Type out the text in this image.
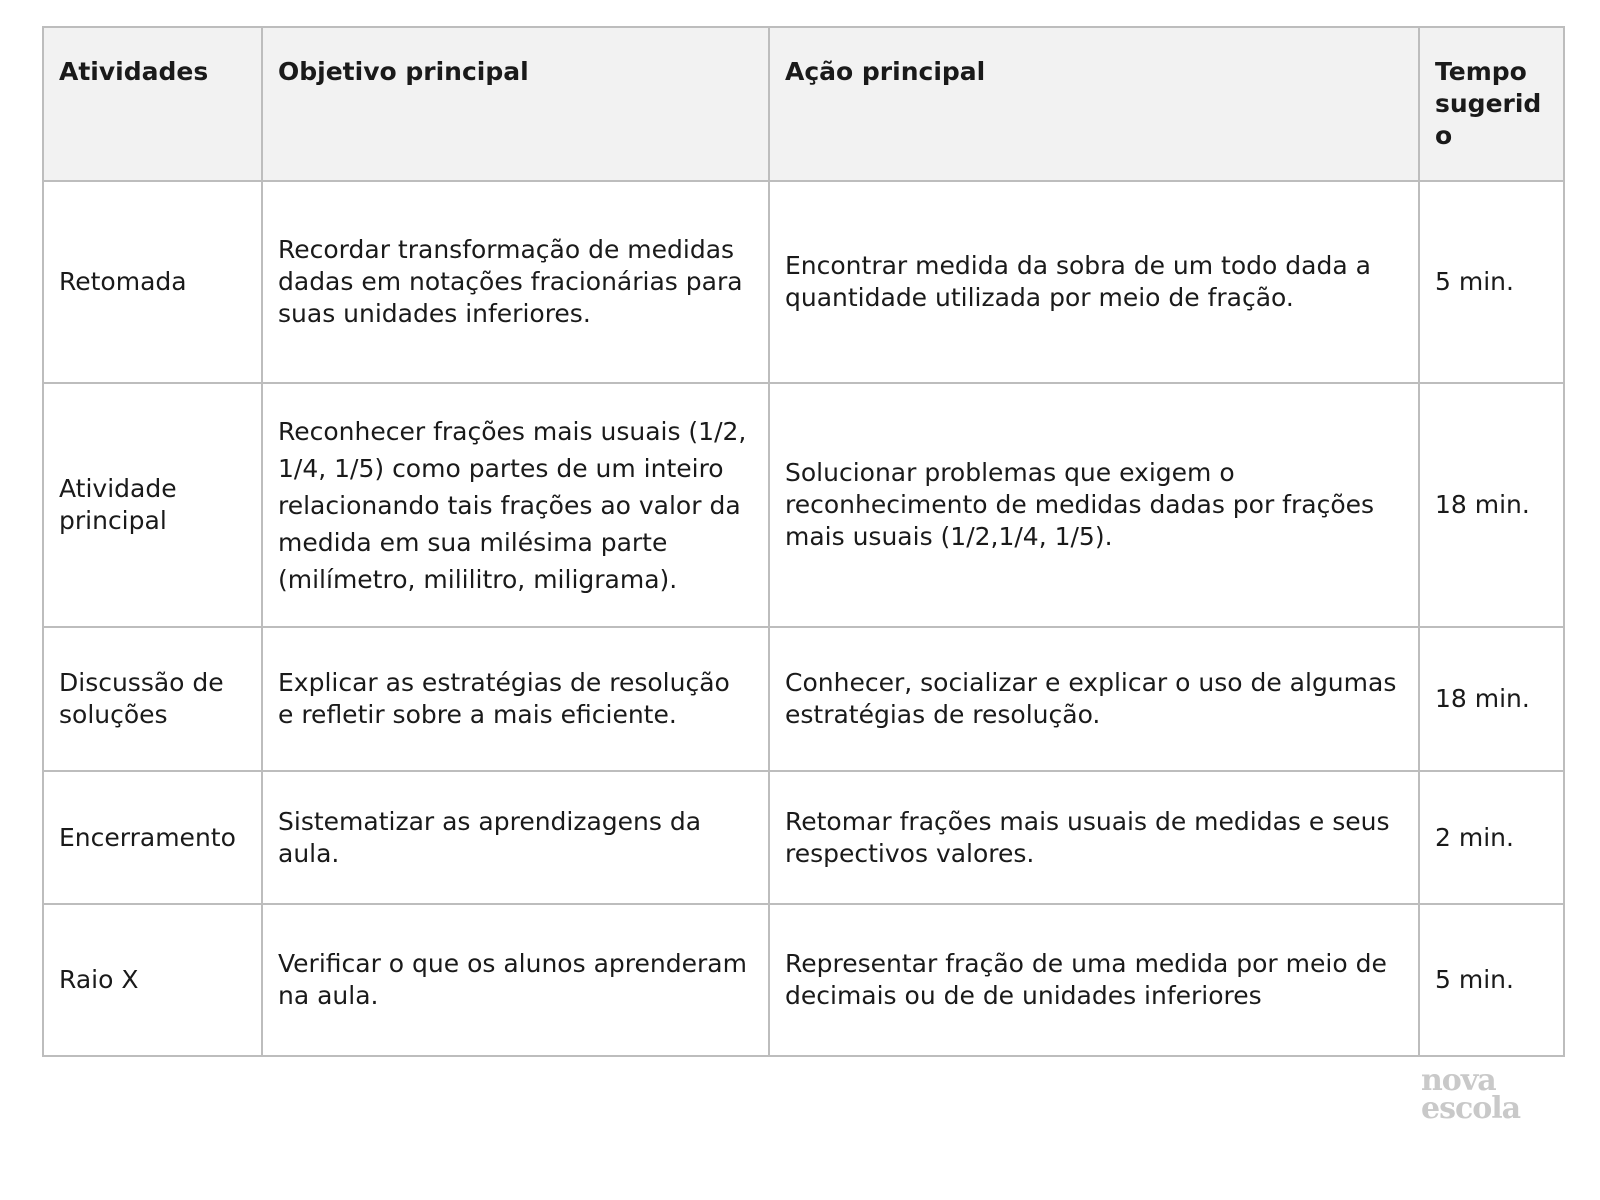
Atividades	Objetivo principal	Ação principal	Tempo sugerido
Retomada	Recordar transformação de medidas dadas em notações fracionárias para suas unidades inferiores.	Encontrar medida da sobra de um todo dada a quantidade utilizada por meio de fração.	5 min.
Atividade principal	Reconhecer frações mais usuais (1/2, 1/4, 1/5) como partes de um inteiro relacionando tais frações ao valor da medida em sua milésima parte (milímetro, mililitro, miligrama).	Solucionar problemas que exigem o reconhecimento de medidas dadas por frações mais usuais (1/2,1/4, 1/5).	18 min.
Discussão de soluções	Explicar as estratégias de resolução e refletir sobre a mais eficiente.	Conhecer, socializar e explicar o uso de algumas estratégias de resolução.	18 min.
Encerramento	Sistematizar as aprendizagens da aula.	Retomar frações mais usuais de medidas e seus respectivos valores.	2 min.
Raio X	Verificar o que os alunos aprenderam na aula.	Representar fração de uma medida por meio de decimais ou de de unidades inferiores	5 min.
nova
escola
